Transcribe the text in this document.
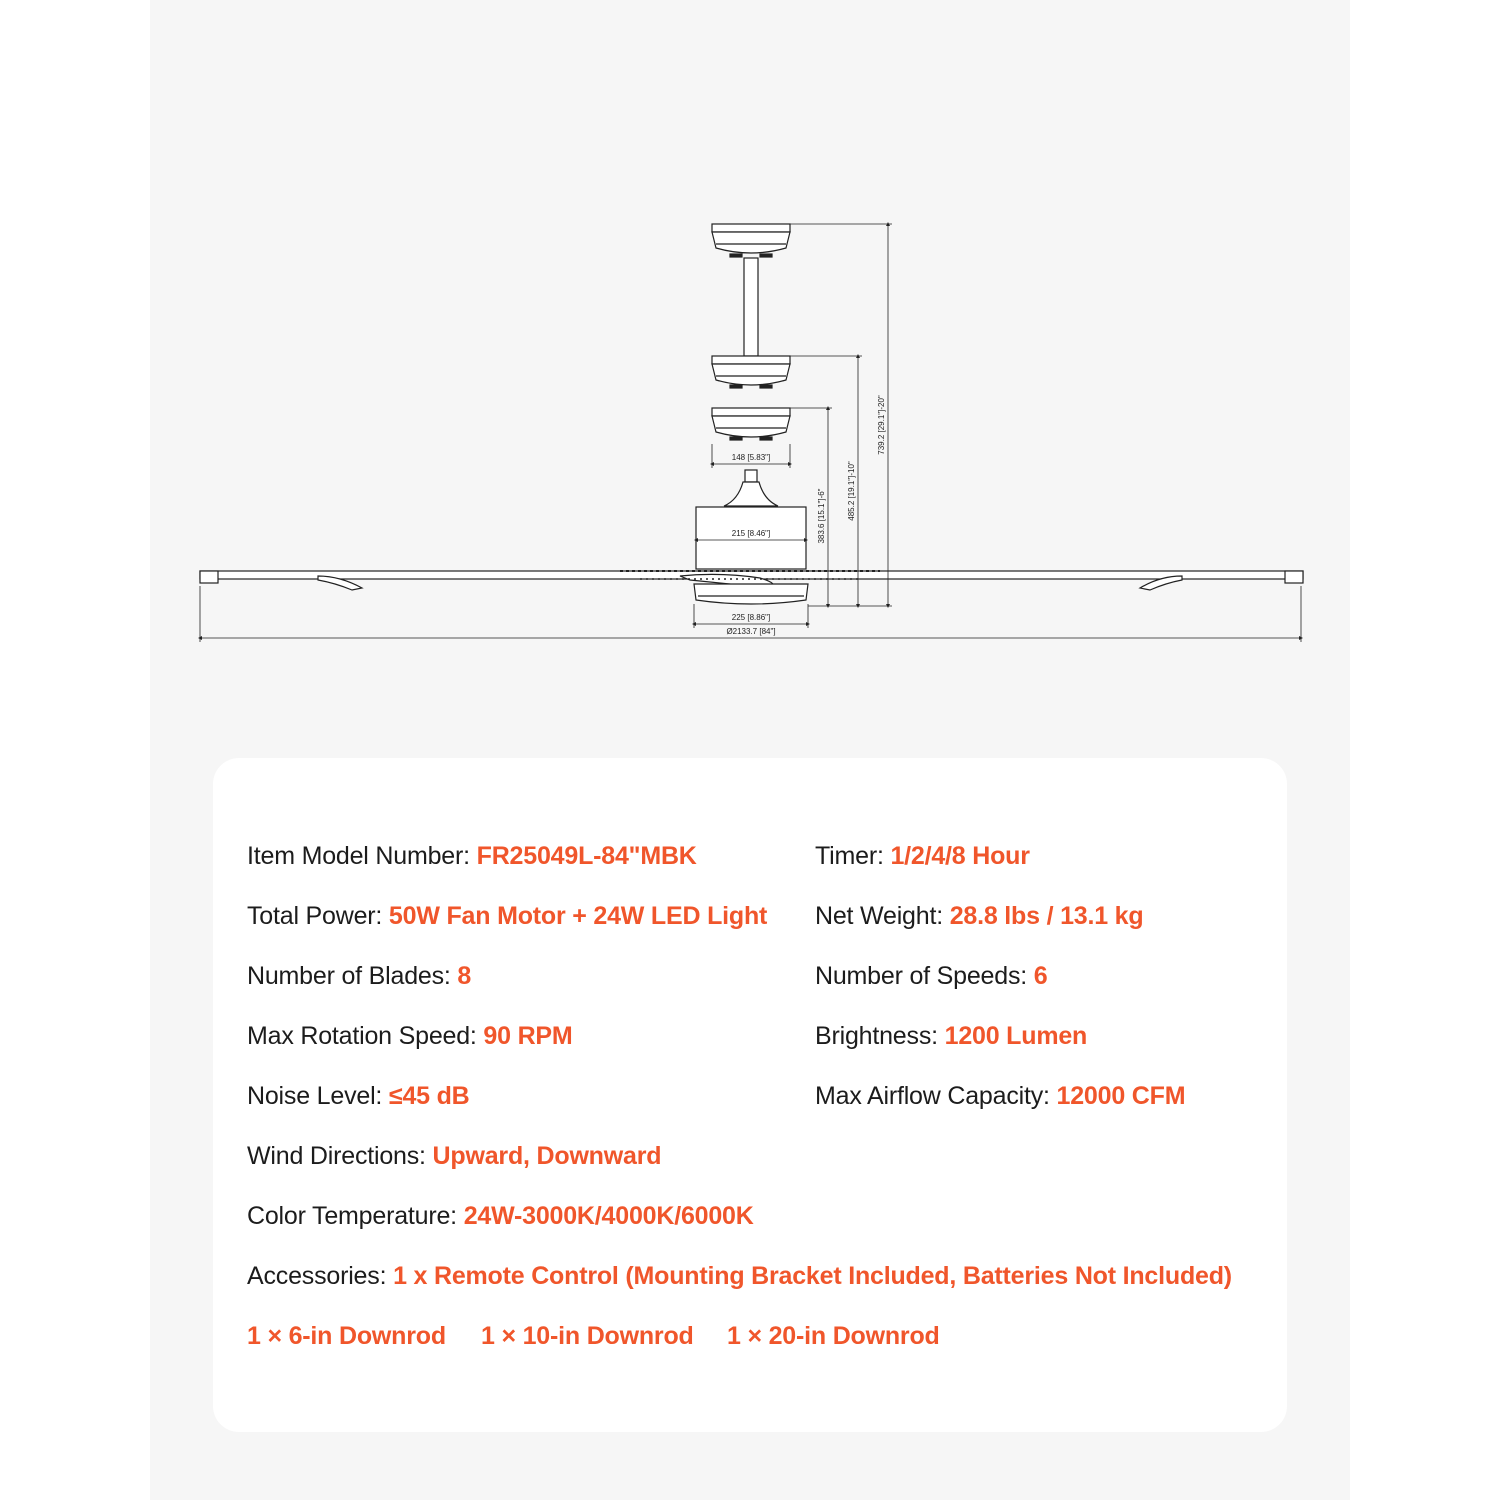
148 [5.83"]
215 [8.46"]
225 [8.86"]
Ø2133.7 [84"]
383.6 [15.1"]-6"	485.2 [19.1"]-10"
739.2 [29.1"]-20"
Item Model Number: FR25049L-84"MBK
Total Power: 50W Fan Motor + 24W LED Light
Number of Blades: 8
Max Rotation Speed: 90 RPM
Noise Level: ≤45 dB
Timer: 1/2/4/8 Hour
Net Weight: 28.8 lbs / 13.1 kg
Number of Speeds: 6
Brightness: 1200 Lumen
Max Airflow Capacity: 12000 CFM
Wind Directions: Upward, Downward
Color Temperature: 24W-3000K/4000K/6000K
Accessories: 1 x Remote Control (Mounting Bracket Included, Batteries Not Included)
1 × 6-in Downrod 1 × 10-in Downrod 1 × 20-in Downrod
